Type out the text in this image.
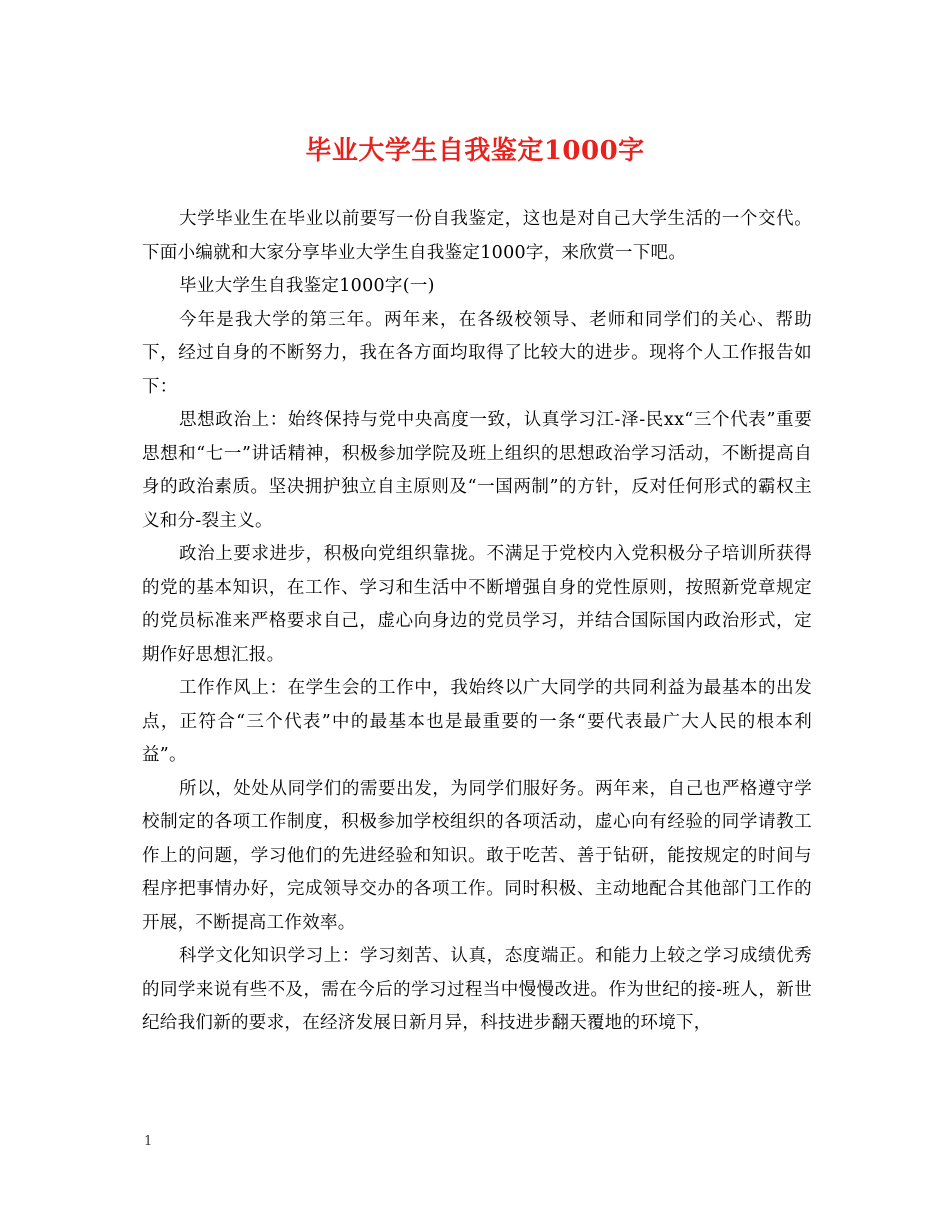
毕业大学生自我鉴定1000字

大学毕业生在毕业以前要写一份自我鉴定，这也是对自己大学生活的一个交代。下面小编就和大家分享毕业大学生自我鉴定1000字，来欣赏一下吧。

毕业大学生自我鉴定1000字(一)

今年是我大学的第三年。两年来，在各级校领导、老师和同学们的关心、帮助下，经过自身的不断努力，我在各方面均取得了比较大的进步。现将个人工作报告如下：

思想政治上：始终保持与党中央高度一致，认真学习江-泽-民xx“三个代表”重要思想和“七一”讲话精神，积极参加学院及班上组织的思想政治学习活动，不断提高自身的政治素质。坚决拥护独立自主原则及“一国两制”的方针，反对任何形式的霸权主义和分-裂主义。

政治上要求进步，积极向党组织靠拢。不满足于党校内入党积极分子培训所获得的党的基本知识，在工作、学习和生活中不断增强自身的党性原则，按照新党章规定的党员标准来严格要求自己，虚心向身边的党员学习，并结合国际国内政治形式，定期作好思想汇报。

工作作风上：在学生会的工作中，我始终以广大同学的共同利益为最基本的出发点，正符合“三个代表”中的最基本也是最重要的一条“要代表最广大人民的根本利益”。

所以，处处从同学们的需要出发，为同学们服好务。两年来，自己也严格遵守学校制定的各项工作制度，积极参加学校组织的各项活动，虚心向有经验的同学请教工作上的问题，学习他们的先进经验和知识。敢于吃苦、善于钻研，能按规定的时间与程序把事情办好，完成领导交办的各项工作。同时积极、主动地配合其他部门工作的开展，不断提高工作效率。

科学文化知识学习上：学习刻苦、认真，态度端正。和能力上较之学习成绩优秀的同学来说有些不及，需在今后的学习过程当中慢慢改进。作为世纪的接-班人，新世纪给我们新的要求，在经济发展日新月异，科技进步翻天覆地的环境下，

1
